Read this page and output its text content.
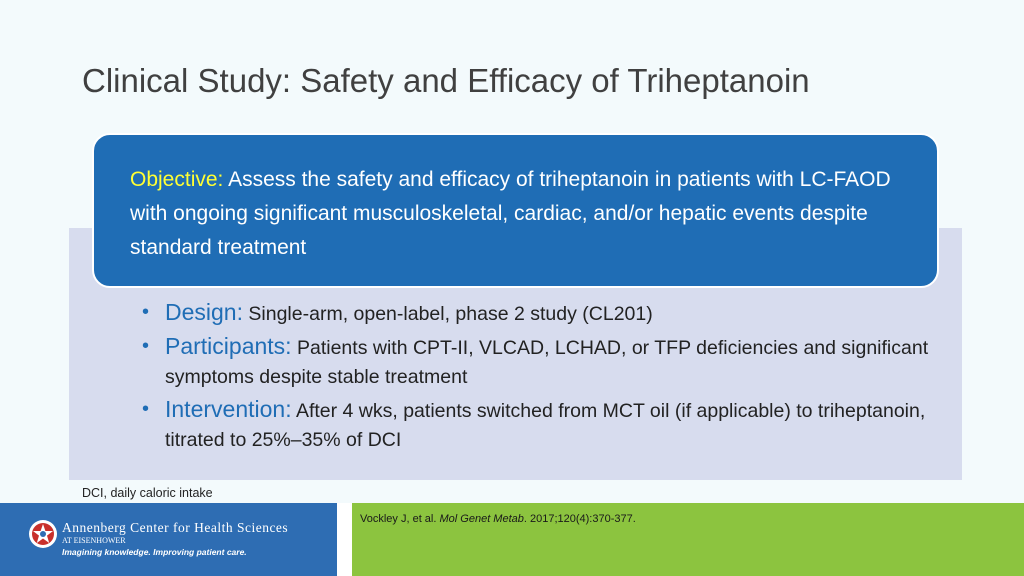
Clinical Study: Safety and Efficacy of Triheptanoin
Objective: Assess the safety and efficacy of triheptanoin in patients with LC-FAOD with ongoing significant musculoskeletal, cardiac, and/or hepatic events despite standard treatment
• Design: Single-arm, open-label, phase 2 study (CL201)
• Participants: Patients with CPT-II, VLCAD, LCHAD, or TFP deficiencies and significant symptoms despite stable treatment
• Intervention: After 4 wks, patients switched from MCT oil (if applicable) to triheptanoin, titrated to 25%–35% of DCI
DCI, daily caloric intake
Annenberg Center for Health Sciences
AT EISENHOWER
Imagining knowledge. Improving patient care.
Vockley J, et al. Mol Genet Metab. 2017;120(4):370-377.
